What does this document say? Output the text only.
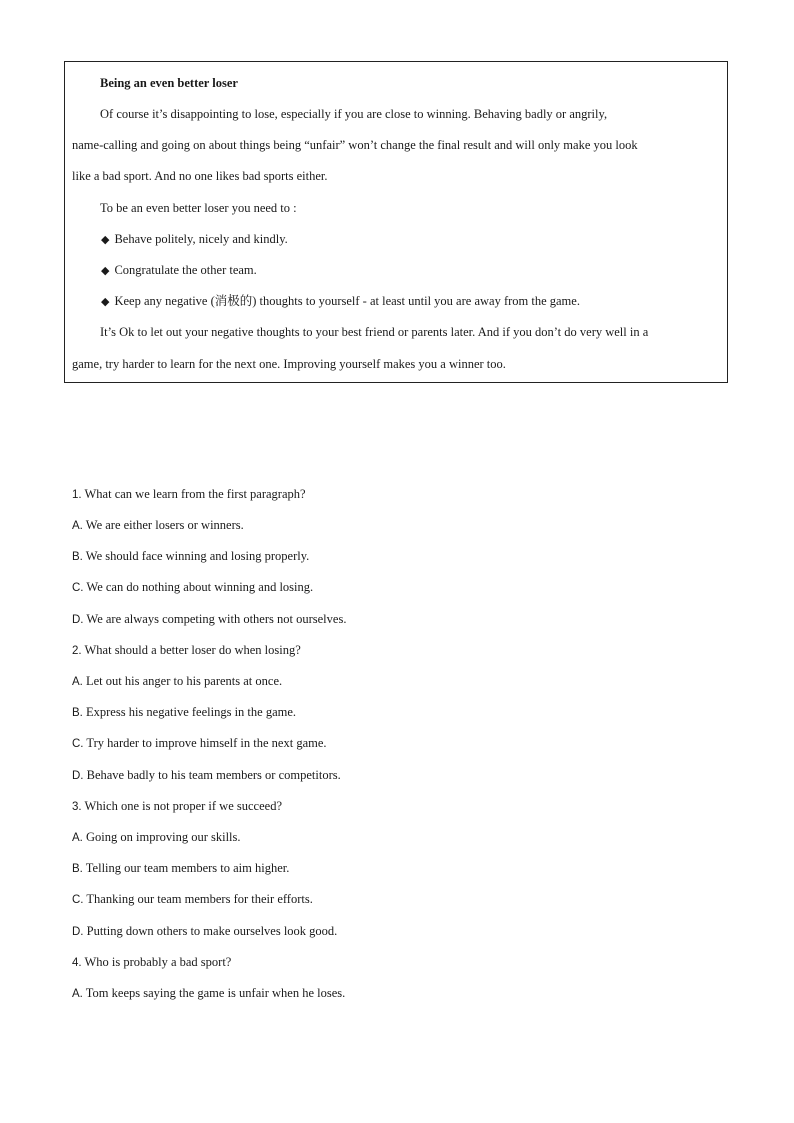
Being an even better loser
Of course it’s disappointing to lose, especially if you are close to winning. Behaving badly or angrily,
name-calling and going on about things being “unfair” won’t change the final result and will only make you look
like a bad sport. And no one likes bad sports either.
To be an even better loser you need to :
◆ Behave politely, nicely and kindly.
◆ Congratulate the other team.
◆ Keep any negative (消极的) thoughts to yourself - at least until you are away from the game.
It’s Ok to let out your negative thoughts to your best friend or parents later. And if you don’t do very well in a
game, try harder to learn for the next one. Improving yourself makes you a winner too.
1. What can we learn from the first paragraph?
A. We are either losers or winners.
B. We should face winning and losing properly.
C. We can do nothing about winning and losing.
D. We are always competing with others not ourselves.
2. What should a better loser do when losing?
A. Let out his anger to his parents at once.
B. Express his negative feelings in the game.
C. Try harder to improve himself in the next game.
D. Behave badly to his team members or competitors.
3. Which one is not proper if we succeed?
A. Going on improving our skills.
B. Telling our team members to aim higher.
C. Thanking our team members for their efforts.
D. Putting down others to make ourselves look good.
4. Who is probably a bad sport?
A. Tom keeps saying the game is unfair when he loses.
